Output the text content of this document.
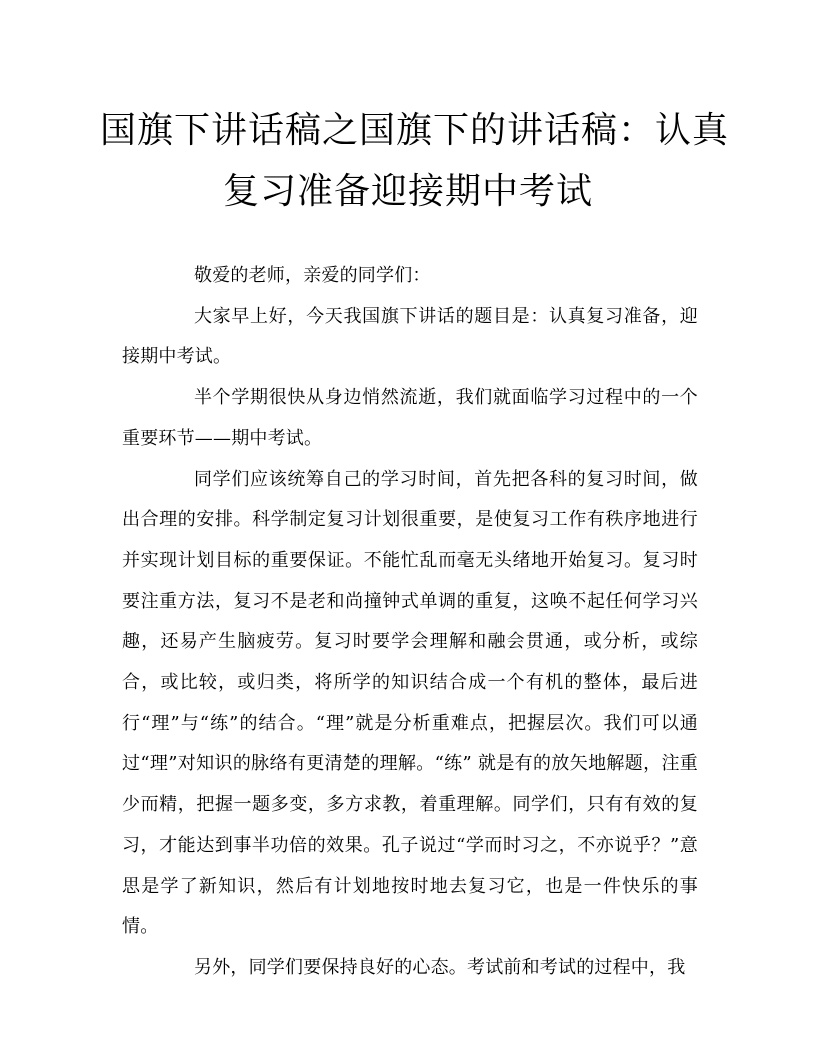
国旗下讲话稿之国旗下的讲话稿：认真
复习准备迎接期中考试

敬爱的老师，亲爱的同学们：

大家早上好，今天我国旗下讲话的题目是：认真复习准备，迎接期中考试。

半个学期很快从身边悄然流逝，我们就面临学习过程中的一个重要环节——期中考试。

同学们应该统筹自己的学习时间，首先把各科的复习时间，做出合理的安排。科学制定复习计划很重要，是使复习工作有秩序地进行并实现计划目标的重要保证。不能忙乱而毫无头绪地开始复习。复习时要注重方法，复习不是老和尚撞钟式单调的重复，这唤不起任何学习兴趣，还易产生脑疲劳。复习时要学会理解和融会贯通，或分析，或综合，或比较，或归类，将所学的知识结合成一个有机的整体，最后进行“理”与“练”的结合。“理”就是分析重难点，把握层次。我们可以通过“理”对知识的脉络有更清楚的理解。“练” 就是有的放矢地解题，注重少而精，把握一题多变，多方求教，着重理解。同学们，只有有效的复习，才能达到事半功倍的效果。孔子说过“学而时习之，不亦说乎？”意思是学了新知识，然后有计划地按时地去复习它，也是一件快乐的事情。

另外，同学们要保持良好的心态。考试前和考试的过程中，我
